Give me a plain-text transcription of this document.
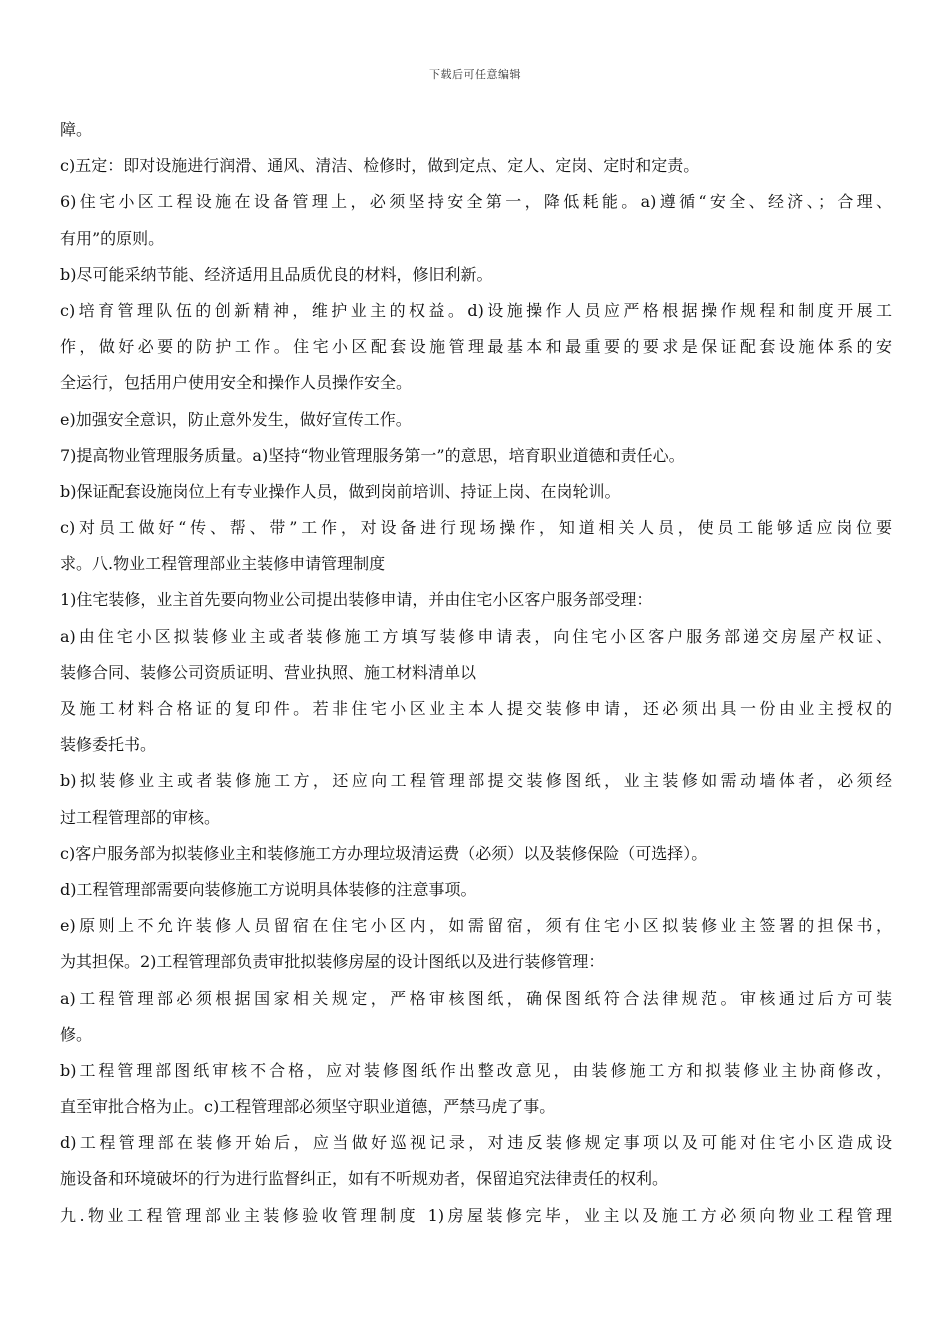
下载后可任意编辑
障。
c)五定：即对设施进行润滑、通风、清洁、检修时，做到定点、定人、定岗、定时和定责。
6)住宅小区工程设施在设备管理上，必须坚持安全第一，降低耗能。a)遵循“安全、经济、；合理、
有用”的原则。
b)尽可能采纳节能、经济适用且品质优良的材料，修旧利新。
c)培育管理队伍的创新精神，维护业主的权益。d)设施操作人员应严格根据操作规程和制度开展工
作，做好必要的防护工作。住宅小区配套设施管理最基本和最重要的要求是保证配套设施体系的安
全运行，包括用户使用安全和操作人员操作安全。
e)加强安全意识，防止意外发生，做好宣传工作。
7)提高物业管理服务质量。a)坚持“物业管理服务第一”的意思，培育职业道德和责任心。
b)保证配套设施岗位上有专业操作人员，做到岗前培训、持证上岗、在岗轮训。
c)对员工做好“传、帮、带”工作，对设备进行现场操作，知道相关人员，使员工能够适应岗位要
求。八.物业工程管理部业主装修申请管理制度
1)住宅装修，业主首先要向物业公司提出装修申请，并由住宅小区客户服务部受理：
a)由住宅小区拟装修业主或者装修施工方填写装修申请表，向住宅小区客户服务部递交房屋产权证、
装修合同、装修公司资质证明、营业执照、施工材料清单以
及施工材料合格证的复印件。若非住宅小区业主本人提交装修申请，还必须出具一份由业主授权的
装修委托书。
b)拟装修业主或者装修施工方，还应向工程管理部提交装修图纸，业主装修如需动墙体者，必须经
过工程管理部的审核。
c)客户服务部为拟装修业主和装修施工方办理垃圾清运费（必须）以及装修保险（可选择）。
d)工程管理部需要向装修施工方说明具体装修的注意事项。
e)原则上不允许装修人员留宿在住宅小区内，如需留宿，须有住宅小区拟装修业主签署的担保书，
为其担保。2)工程管理部负责审批拟装修房屋的设计图纸以及进行装修管理：
a)工程管理部必须根据国家相关规定，严格审核图纸，确保图纸符合法律规范。审核通过后方可装
修。
b)工程管理部图纸审核不合格，应对装修图纸作出整改意见，由装修施工方和拟装修业主协商修改，
直至审批合格为止。c)工程管理部必须坚守职业道德，严禁马虎了事。
d)工程管理部在装修开始后，应当做好巡视记录，对违反装修规定事项以及可能对住宅小区造成设
施设备和环境破坏的行为进行监督纠正，如有不听规劝者，保留追究法律责任的权利。
九.物业工程管理部业主装修验收管理制度 1)房屋装修完毕，业主以及施工方必须向物业工程管理
